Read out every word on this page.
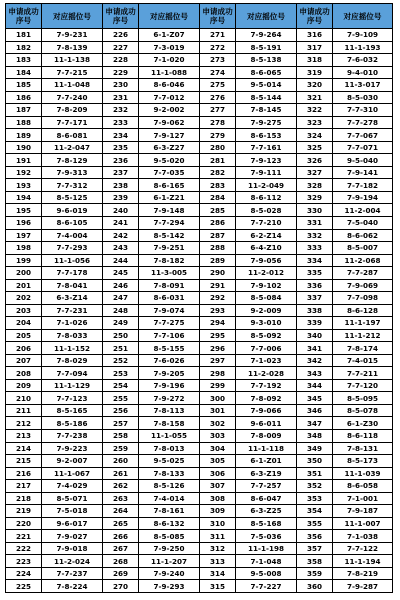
申请成功序号	对应摇位号	申请成功序号	对应摇位号	申请成功序号	对应摇位号	申请成功序号	对应摇位号
181	7-9-231	226	6-1-Z07	271	7-9-264	316	7-9-109
182	7-8-139	227	7-3-019	272	8-5-191	317	11-1-193
183	11-1-138	228	7-1-020	273	8-5-138	318	7-6-032
184	7-7-215	229	11-1-088	274	8-6-065	319	9-4-010
185	11-1-048	230	8-6-046	275	9-5-014	320	11-3-017
186	7-7-240	231	7-7-012	276	8-5-144	321	8-5-030
187	7-8-209	232	9-2-002	277	7-8-145	322	7-7-310
188	7-7-171	233	7-9-062	278	7-9-275	323	7-7-278
189	8-6-081	234	7-9-127	279	8-6-153	324	7-7-067
190	11-2-047	235	6-3-Z27	280	7-7-161	325	7-7-071
191	7-8-129	236	9-5-020	281	7-9-123	326	9-5-040
192	7-9-313	237	7-7-035	282	7-9-111	327	7-9-141
193	7-7-312	238	8-6-165	283	11-2-049	328	7-7-182
194	8-5-125	239	6-1-Z21	284	8-6-112	329	7-9-194
195	9-6-019	240	7-9-148	285	8-5-028	330	11-2-004
196	8-6-105	241	7-7-294	286	7-7-210	331	7-5-040
197	7-4-004	242	8-5-142	287	6-2-Z14	332	8-6-062
198	7-7-293	243	7-9-251	288	6-4-Z10	333	8-5-007
199	11-1-056	244	7-8-182	289	7-9-056	334	11-2-068
200	7-7-178	245	11-3-005	290	11-2-012	335	7-7-287
201	7-8-041	246	7-8-091	291	7-9-102	336	7-9-069
202	6-3-Z14	247	8-6-031	292	8-5-084	337	7-7-098
203	7-7-231	248	7-9-074	293	9-2-009	338	8-6-128
204	7-1-026	249	7-7-275	294	9-3-010	339	11-1-197
205	7-8-033	250	7-7-106	295	8-5-092	340	11-1-212
206	11-1-152	251	8-5-155	296	7-7-006	341	7-8-174
207	7-8-029	252	7-6-026	297	7-1-023	342	7-4-015
208	7-7-094	253	7-9-205	298	11-2-028	343	7-7-211
209	11-1-129	254	7-9-196	299	7-7-192	344	7-7-120
210	7-7-123	255	7-9-272	300	7-8-092	345	8-5-095
211	8-5-165	256	7-8-113	301	7-9-066	346	8-5-078
212	8-5-186	257	7-8-158	302	9-6-011	347	6-1-Z30
213	7-7-238	258	11-1-055	303	7-8-009	348	8-6-118
214	7-9-223	259	7-8-013	304	11-1-118	349	7-8-131
215	9-2-007	260	9-5-025	305	6-1-Z01	350	8-5-173
216	11-1-067	261	7-8-133	306	6-3-Z19	351	11-1-039
217	7-4-029	262	8-5-126	307	7-7-257	352	8-6-058
218	8-5-071	263	7-4-014	308	8-6-047	353	7-1-001
219	7-5-018	264	7-8-161	309	6-3-Z25	354	7-9-187
220	9-6-017	265	8-6-132	310	8-5-168	355	11-1-007
221	7-9-027	266	8-5-085	311	7-5-036	356	7-1-038
222	7-9-018	267	7-9-250	312	11-1-198	357	7-7-122
223	11-2-024	268	11-1-207	313	7-1-048	358	11-1-194
224	7-7-237	269	7-9-240	314	9-5-008	359	7-8-219
225	7-8-224	270	7-9-293	315	7-7-227	360	7-9-287
